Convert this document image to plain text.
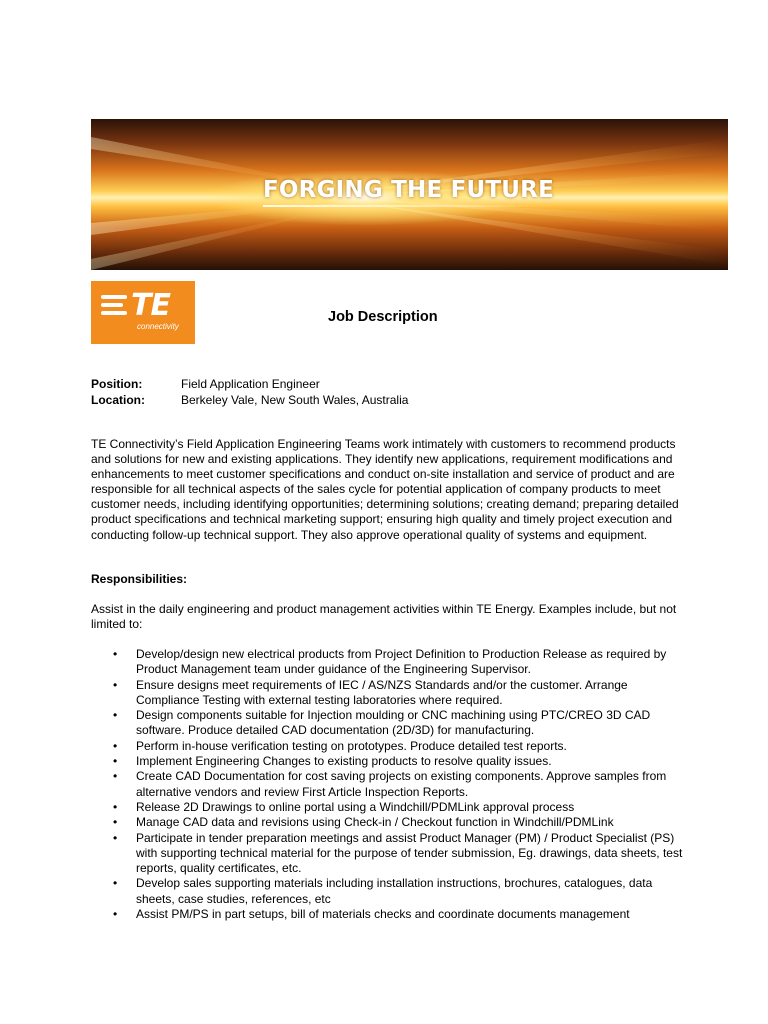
FORGING THE FUTURE
TE
connectivity
Job Description
Position:	Field Application Engineer
Location:	Berkeley Vale, New South Wales, Australia

TE Connectivity’s Field Application Engineering Teams work intimately with customers to recommend products and solutions for new and existing applications. They identify new applications, requirement modifications and enhancements to meet customer specifications and conduct on-site installation and service of product and are responsible for all technical aspects of the sales cycle for potential application of company products to meet customer needs, including identifying opportunities; determining solutions; creating demand; preparing detailed product specifications and technical marketing support; ensuring high quality and timely project execution and conducting follow-up technical support. They also approve operational quality of systems and equipment.

Responsibilities:

Assist in the daily engineering and product management activities within TE Energy. Examples include, but not limited to:

• Develop/design new electrical products from Project Definition to Production Release as required by Product Management team under guidance of the Engineering Supervisor.
• Ensure designs meet requirements of IEC / AS/NZS Standards and/or the customer. Arrange Compliance Testing with external testing laboratories where required.
• Design components suitable for Injection moulding or CNC machining using PTC/CREO 3D CAD software. Produce detailed CAD documentation (2D/3D) for manufacturing.
• Perform in-house verification testing on prototypes. Produce detailed test reports.
• Implement Engineering Changes to existing products to resolve quality issues.
• Create CAD Documentation for cost saving projects on existing components. Approve samples from alternative vendors and review First Article Inspection Reports.
• Release 2D Drawings to online portal using a Windchill/PDMLink approval process
• Manage CAD data and revisions using Check-in / Checkout function in Windchill/PDMLink
• Participate in tender preparation meetings and assist Product Manager (PM) / Product Specialist (PS) with supporting technical material for the purpose of tender submission, Eg. drawings, data sheets, test reports, quality certificates, etc.
• Develop sales supporting materials including installation instructions, brochures, catalogues, data sheets, case studies, references, etc
• Assist PM/PS in part setups, bill of materials checks and coordinate documents management
